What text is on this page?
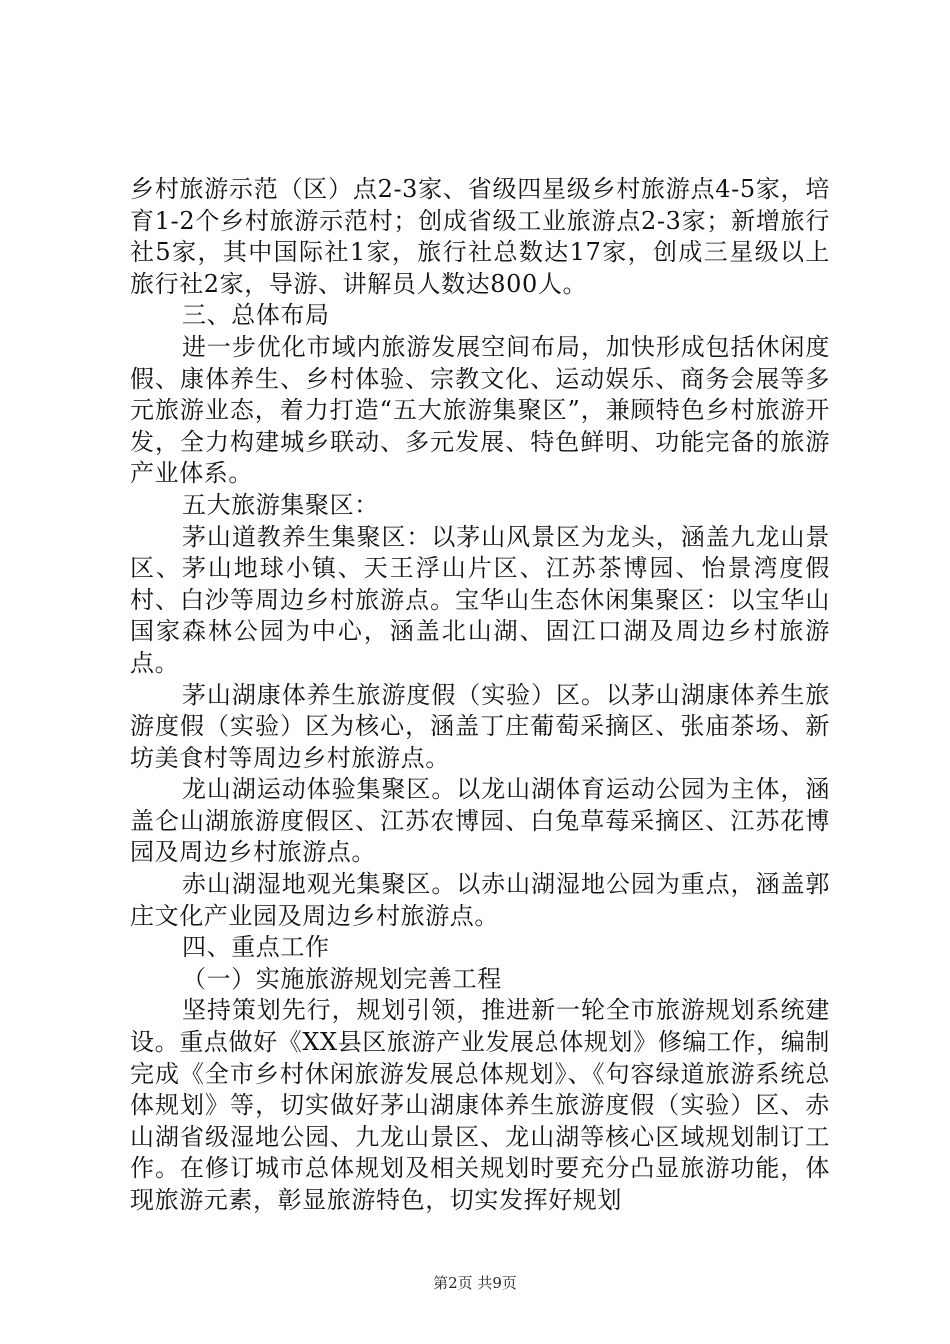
乡村旅游示范（区）点2-3家、省级四星级乡村旅游点4-5家，培育1-2个乡村旅游示范村；创成省级工业旅游点2-3家；新增旅行社5家，其中国际社1家，旅行社总数达17家，创成三星级以上旅行社2家，导游、讲解员人数达800人。

三、总体布局

进一步优化市域内旅游发展空间布局，加快形成包括休闲度假、康体养生、乡村体验、宗教文化、运动娱乐、商务会展等多元旅游业态，着力打造“五大旅游集聚区”，兼顾特色乡村旅游开发，全力构建城乡联动、多元发展、特色鲜明、功能完备的旅游产业体系。

五大旅游集聚区：

茅山道教养生集聚区：以茅山风景区为龙头，涵盖九龙山景区、茅山地球小镇、天王浮山片区、江苏茶博园、怡景湾度假村、白沙等周边乡村旅游点。宝华山生态休闲集聚区：以宝华山国家森林公园为中心，涵盖北山湖、固江口湖及周边乡村旅游点。

茅山湖康体养生旅游度假（实验）区。以茅山湖康体养生旅游度假（实验）区为核心，涵盖丁庄葡萄采摘区、张庙茶场、新坊美食村等周边乡村旅游点。

龙山湖运动体验集聚区。以龙山湖体育运动公园为主体，涵盖仑山湖旅游度假区、江苏农博园、白兔草莓采摘区、江苏花博园及周边乡村旅游点。

赤山湖湿地观光集聚区。以赤山湖湿地公园为重点，涵盖郭庄文化产业园及周边乡村旅游点。

四、重点工作

（一）实施旅游规划完善工程

坚持策划先行，规划引领，推进新一轮全市旅游规划系统建设。重点做好《XX县区旅游产业发展总体规划》修编工作，编制完成《全市乡村休闲旅游发展总体规划》、《句容绿道旅游系统总体规划》等，切实做好茅山湖康体养生旅游度假（实验）区、赤山湖省级湿地公园、九龙山景区、龙山湖等核心区域规划制订工作。在修订城市总体规划及相关规划时要充分凸显旅游功能，体现旅游元素，彰显旅游特色，切实发挥好规划

第2页 共9页
